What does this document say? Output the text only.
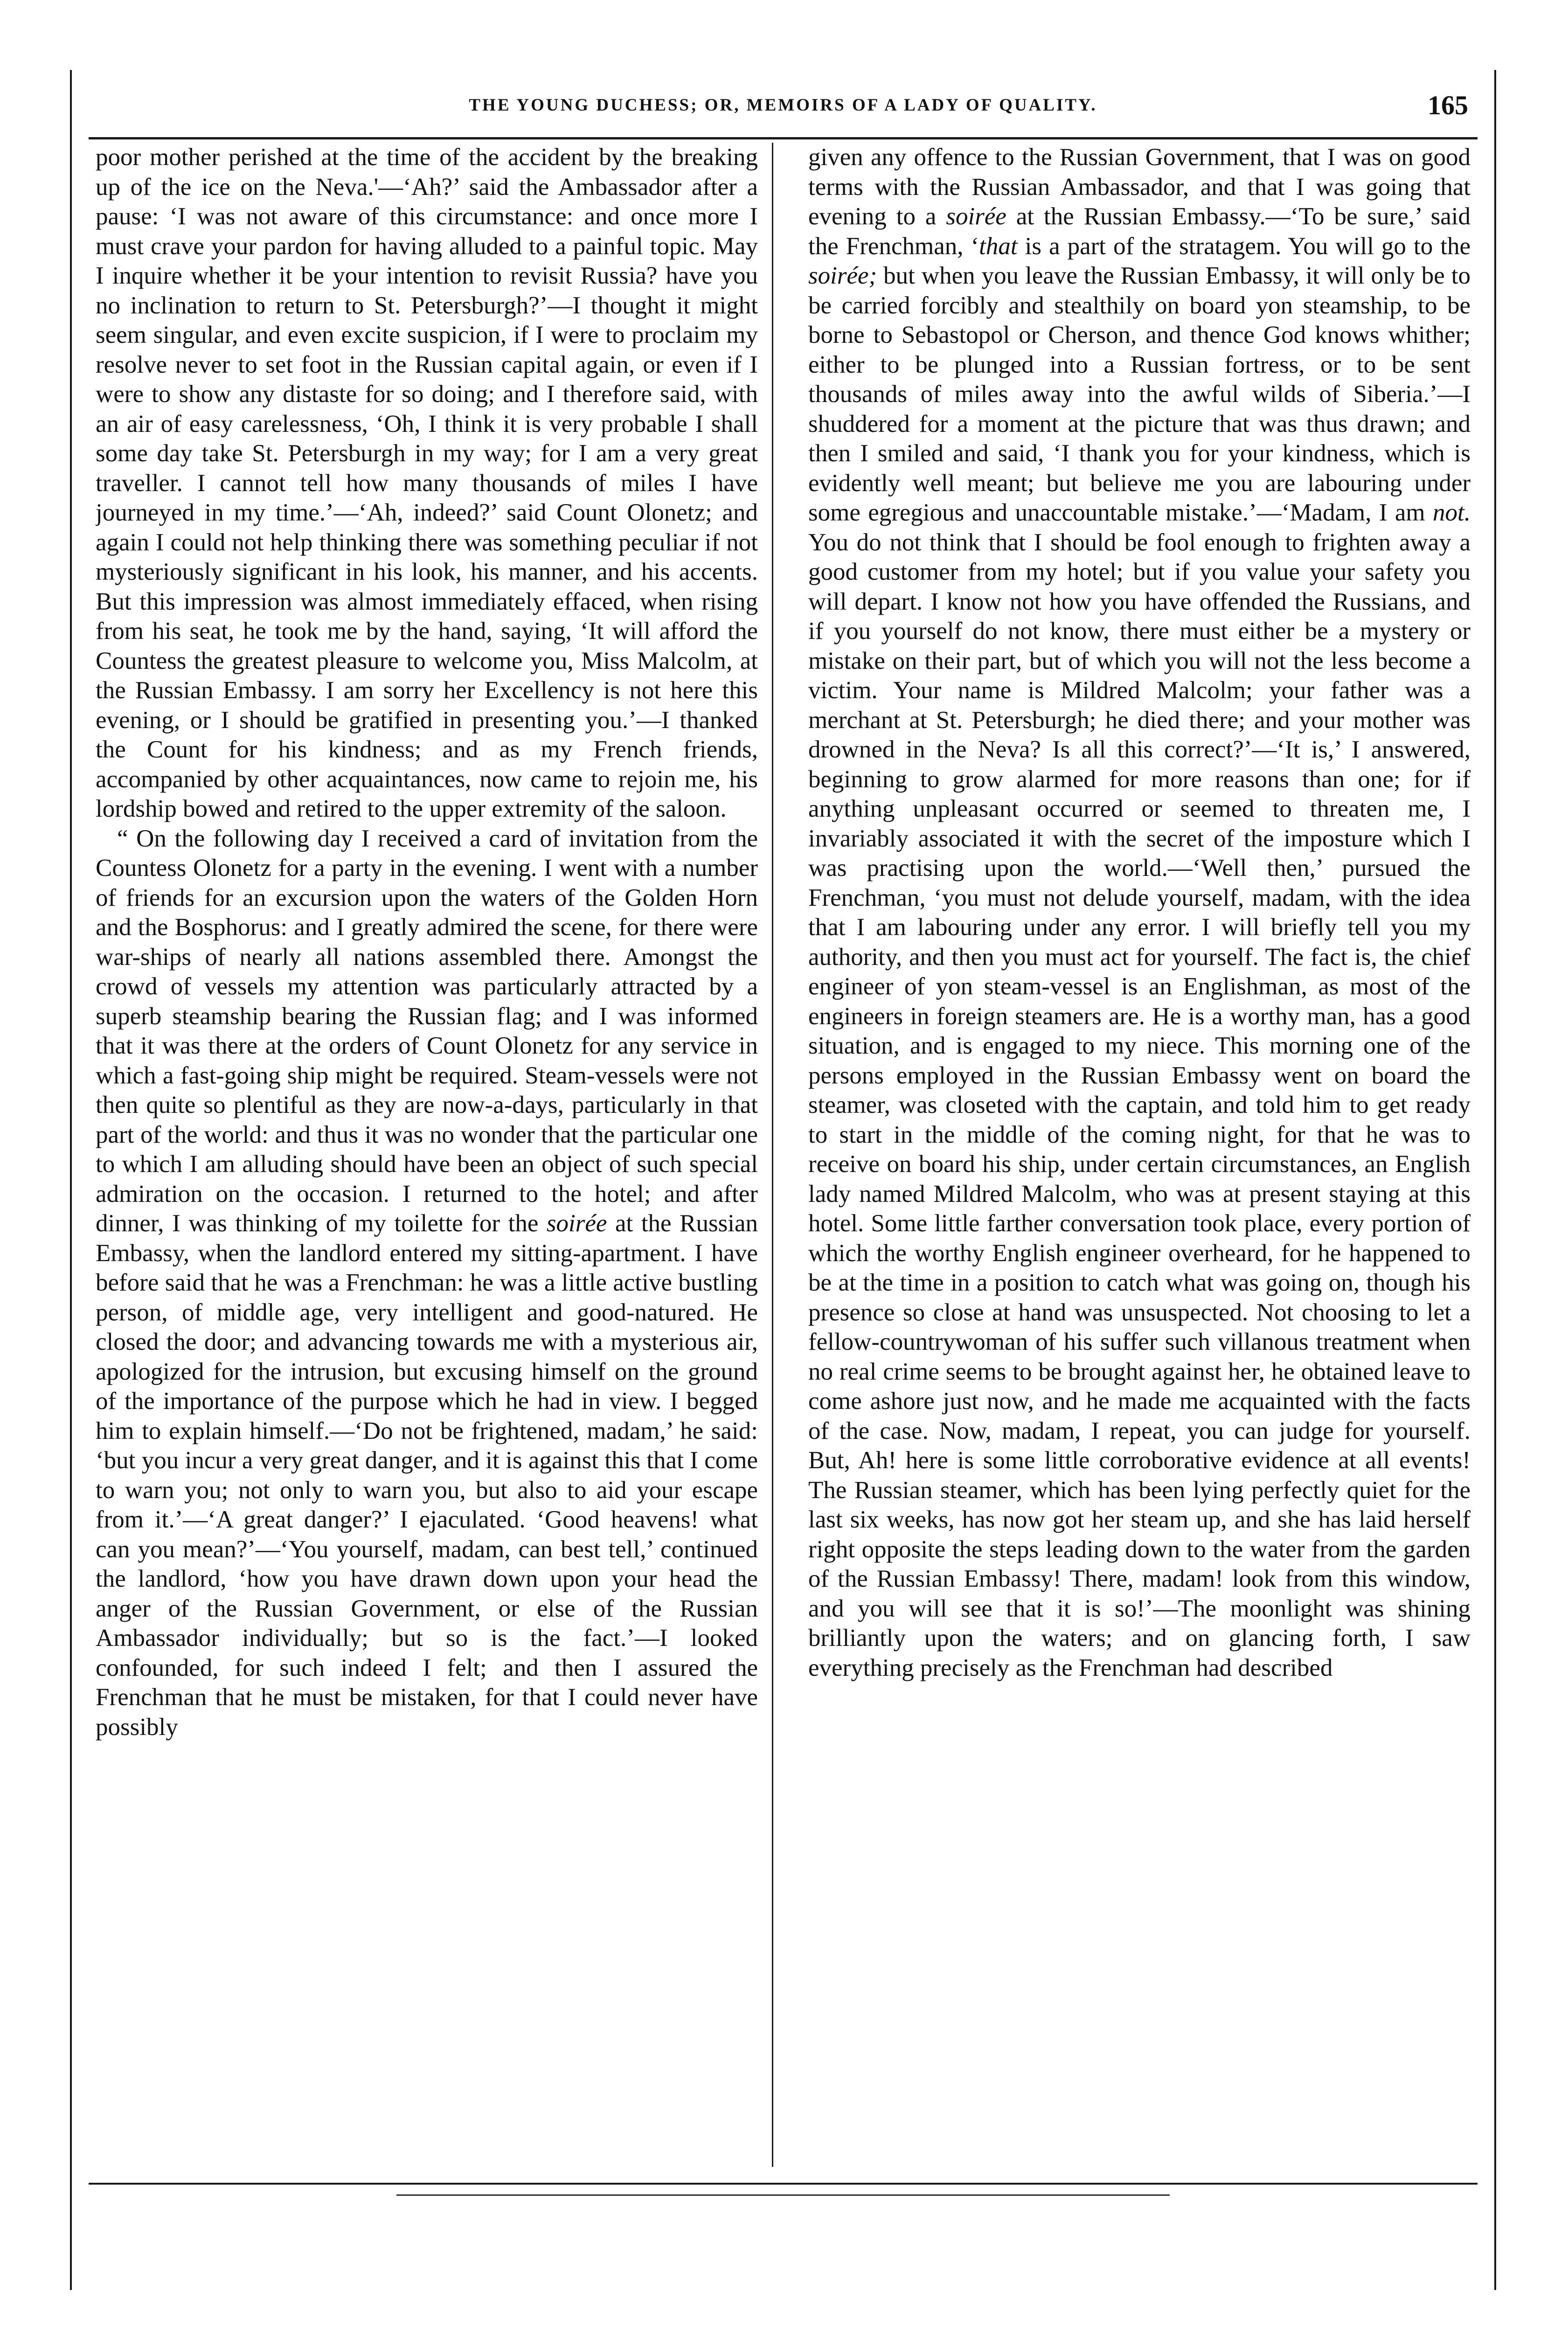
THE YOUNG DUCHESS; OR, MEMOIRS OF A LADY OF QUALITY.	165

poor mother perished at the time of the accident by the breaking up of the ice on the Neva.'—‘Ah?’ said the Ambassador after a pause: ‘I was not aware of this circumstance: and once more I must crave your pardon for having alluded to a painful topic. May I inquire whether it be your intention to revisit Russia? have you no inclination to return to St. Petersburgh?’—I thought it might seem singular, and even excite suspicion, if I were to proclaim my resolve never to set foot in the Russian capital again, or even if I were to show any distaste for so doing; and I therefore said, with an air of easy carelessness, ‘Oh, I think it is very probable I shall some day take St. Petersburgh in my way; for I am a very great traveller. I cannot tell how many thousands of miles I have journeyed in my time.’—‘Ah, indeed?’ said Count Olonetz; and again I could not help thinking there was something peculiar if not mysteriously significant in his look, his manner, and his accents. But this impression was almost immediately effaced, when rising from his seat, he took me by the hand, saying, ‘It will afford the Countess the greatest pleasure to welcome you, Miss Malcolm, at the Russian Embassy. I am sorry her Excellency is not here this evening, or I should be gratified in presenting you.’—I thanked the Count for his kindness; and as my French friends, accompanied by other acquaintances, now came to rejoin me, his lordship bowed and retired to the upper extremity of the saloon.

“ On the following day I received a card of invitation from the Countess Olonetz for a party in the evening. I went with a number of friends for an excursion upon the waters of the Golden Horn and the Bosphorus: and I greatly admired the scene, for there were war-ships of nearly all nations assembled there. Amongst the crowd of vessels my attention was particularly attracted by a superb steamship bearing the Russian flag; and I was informed that it was there at the orders of Count Olonetz for any service in which a fast-going ship might be required. Steam-vessels were not then quite so plentiful as they are now-a-days, particularly in that part of the world: and thus it was no wonder that the particular one to which I am alluding should have been an object of such special admiration on the occasion. I returned to the hotel; and after dinner, I was thinking of my toilette for the soirée at the Russian Embassy, when the landlord entered my sitting-apartment. I have before said that he was a Frenchman: he was a little active bustling person, of middle age, very intelligent and good-natured. He closed the door; and advancing towards me with a mysterious air, apologized for the intrusion, but excusing himself on the ground of the importance of the purpose which he had in view. I begged him to explain himself.—‘Do not be frightened, madam,’ he said: ‘but you incur a very great danger, and it is against this that I come to warn you; not only to warn you, but also to aid your escape from it.’—‘A great danger?’ I ejaculated. ‘Good heavens! what can you mean?’—‘You yourself, madam, can best tell,’ continued the landlord, ‘how you have drawn down upon your head the anger of the Russian Government, or else of the Russian Ambassador individually; but so is the fact.’—I looked confounded, for such indeed I felt; and then I assured the Frenchman that he must be mistaken, for that I could never have possibly

given any offence to the Russian Government, that I was on good terms with the Russian Ambassador, and that I was going that evening to a soirée at the Russian Embassy.—‘To be sure,’ said the Frenchman, ‘that is a part of the stratagem. You will go to the soirée; but when you leave the Russian Embassy, it will only be to be carried forcibly and stealthily on board yon steamship, to be borne to Sebastopol or Cherson, and thence God knows whither; either to be plunged into a Russian fortress, or to be sent thousands of miles away into the awful wilds of Siberia.’—I shuddered for a moment at the picture that was thus drawn; and then I smiled and said, ‘I thank you for your kindness, which is evidently well meant; but believe me you are labouring under some egregious and unaccountable mistake.’—‘Madam, I am not. You do not think that I should be fool enough to frighten away a good customer from my hotel; but if you value your safety you will depart. I know not how you have offended the Russians, and if you yourself do not know, there must either be a mystery or mistake on their part, but of which you will not the less become a victim. Your name is Mildred Malcolm; your father was a merchant at St. Petersburgh; he died there; and your mother was drowned in the Neva? Is all this correct?’—‘It is,’ I answered, beginning to grow alarmed for more reasons than one; for if anything unpleasant occurred or seemed to threaten me, I invariably associated it with the secret of the imposture which I was practising upon the world.—‘Well then,’ pursued the Frenchman, ‘you must not delude yourself, madam, with the idea that I am labouring under any error. I will briefly tell you my authority, and then you must act for yourself. The fact is, the chief engineer of yon steam-vessel is an Englishman, as most of the engineers in foreign steamers are. He is a worthy man, has a good situation, and is engaged to my niece. This morning one of the persons employed in the Russian Embassy went on board the steamer, was closeted with the captain, and told him to get ready to start in the middle of the coming night, for that he was to receive on board his ship, under certain circumstances, an English lady named Mildred Malcolm, who was at present staying at this hotel. Some little farther conversation took place, every portion of which the worthy English engineer overheard, for he happened to be at the time in a position to catch what was going on, though his presence so close at hand was unsuspected. Not choosing to let a fellow-countrywoman of his suffer such villanous treatment when no real crime seems to be brought against her, he obtained leave to come ashore just now, and he made me acquainted with the facts of the case. Now, madam, I repeat, you can judge for yourself. But, Ah! here is some little corroborative evidence at all events! The Russian steamer, which has been lying perfectly quiet for the last six weeks, has now got her steam up, and she has laid herself right opposite the steps leading down to the water from the garden of the Russian Embassy! There, madam! look from this window, and you will see that it is so!’—The moonlight was shining brilliantly upon the waters; and on glancing forth, I saw everything precisely as the Frenchman had described
